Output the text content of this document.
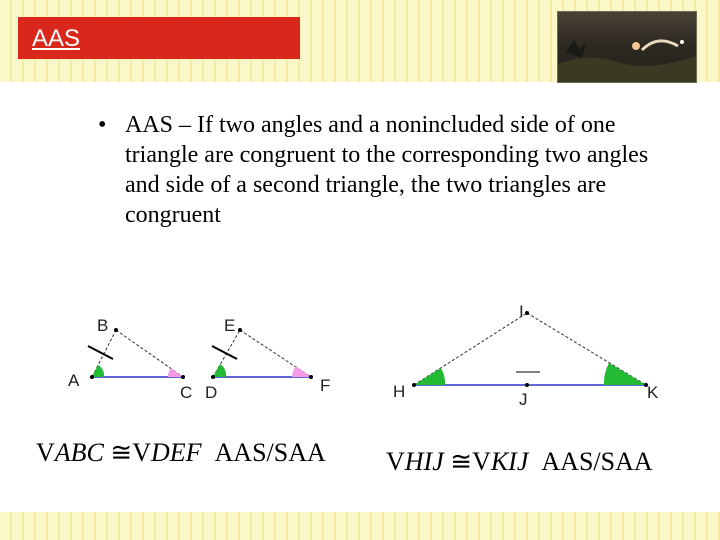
AAS
• AAS – If two angles and a nonincluded side of one triangle are congruent to the corresponding two angles and side of a second triangle, the two triangles are congruent
A
B
C D
E
F	H
I
J	K
VABC ≅VDEF AAS/SAA VHIJ ≅VKIJ AAS/SAA
